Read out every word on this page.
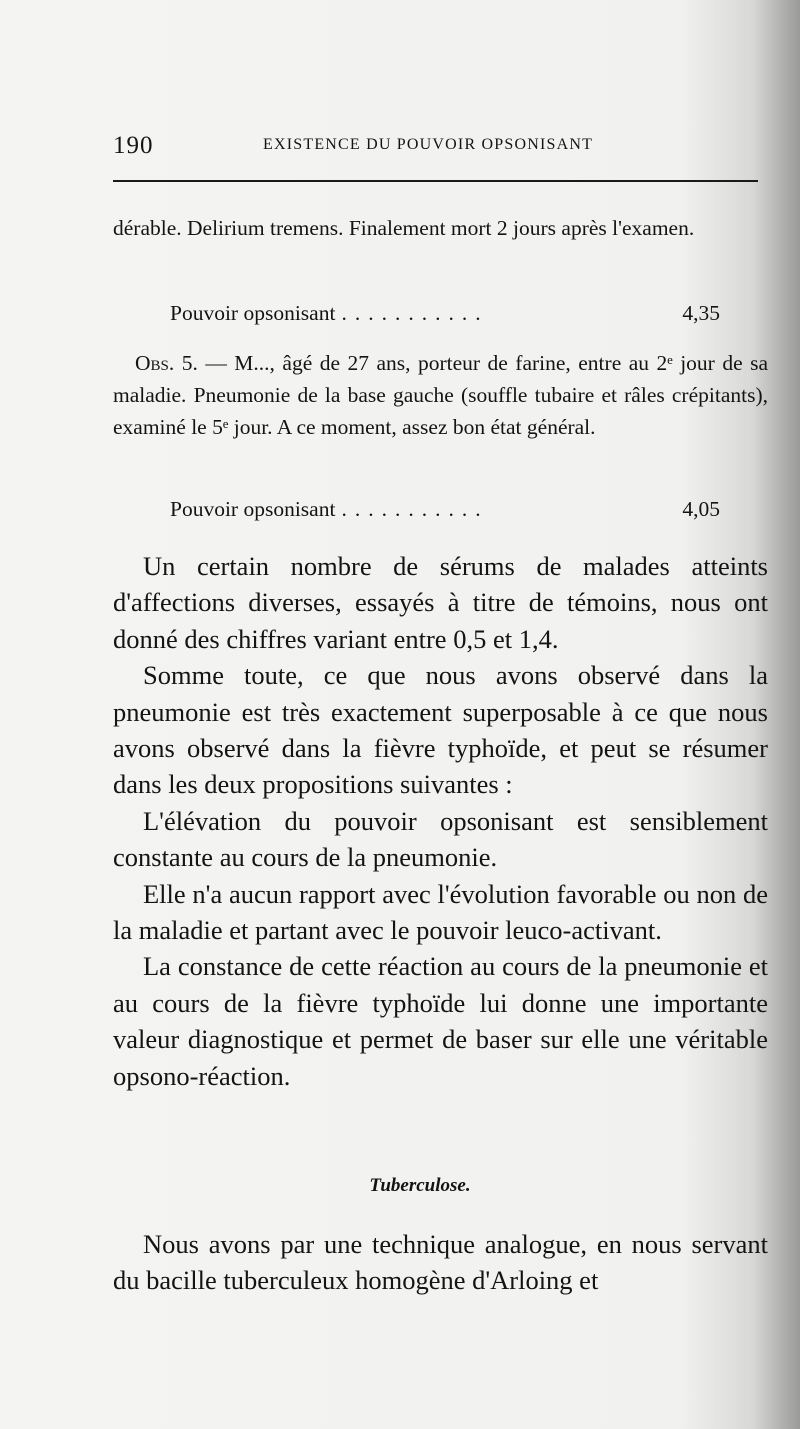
190	EXISTENCE DU POUVOIR OPSONISANT

dérable. Delirium tremens. Finalement mort 2 jours après l'examen.

Pouvoir opsonisant ...........	4,35

Obs. 5. — M..., âgé de 27 ans, porteur de farine, entre au 2ᵉ jour de sa maladie. Pneumonie de la base gauche (souffle tubaire et râles crépitants), examiné le 5ᵉ jour. A ce moment, assez bon état général.

Pouvoir opsonisant ...........	4,05

Un certain nombre de sérums de malades atteints d'affections diverses, essayés à titre de témoins, nous ont donné des chiffres variant entre 0,5 et 1,4.

Somme toute, ce que nous avons observé dans la pneumonie est très exactement superposable à ce que nous avons observé dans la fièvre typhoïde, et peut se résumer dans les deux propositions suivantes :

L'élévation du pouvoir opsonisant est sensiblement constante au cours de la pneumonie.

Elle n'a aucun rapport avec l'évolution favorable ou non de la maladie et partant avec le pouvoir leuco-activant.

La constance de cette réaction au cours de la pneumonie et au cours de la fièvre typhoïde lui donne une importante valeur diagnostique et permet de baser sur elle une véritable opsono-réaction.

Tuberculose.

Nous avons par une technique analogue, en nous servant du bacille tuberculeux homogène d'Arloing et
